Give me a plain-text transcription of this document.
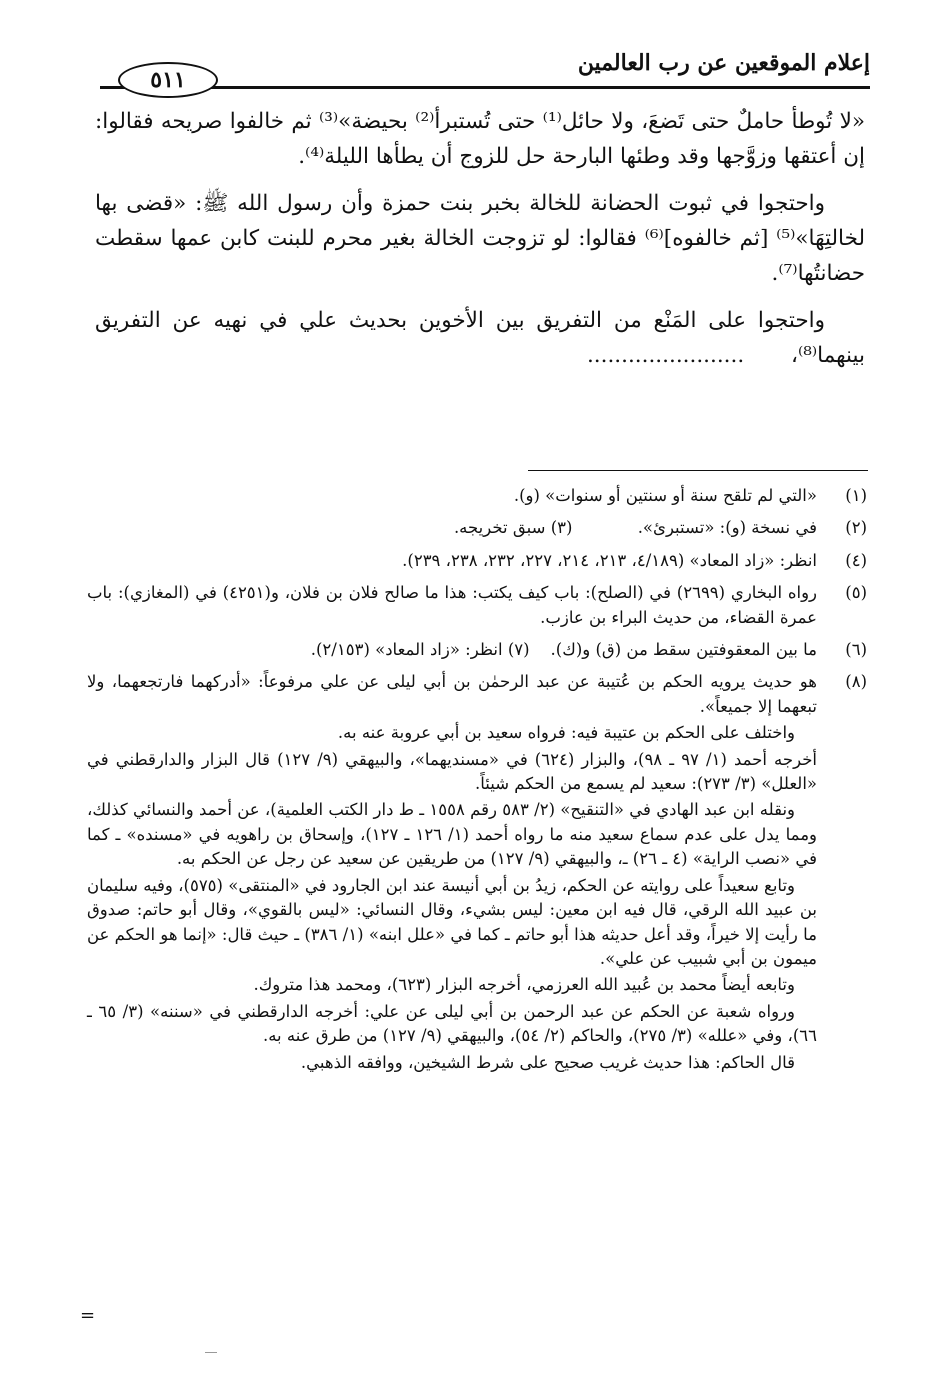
إعلام الموقعين عن رب العالمين
٥١١

«لا تُوطأ حاملٌ حتى تَضعَ، ولا حائل⁽¹⁾ حتى تُستبرأ⁽²⁾ بحيضة»⁽³⁾ ثم خالفوا صريحه فقالوا: إن أعتقها وزوَّجها وقد وطئها البارحة حل للزوج أن يطأها الليلة⁽⁴⁾.

واحتجوا في ثبوت الحضانة للخالة بخبر بنت حمزة وأن رسول الله ﷺ: «قضى بها لخالتِهَا»⁽⁵⁾ [ثم خالفوه]⁽⁶⁾ فقالوا: لو تزوجت الخالة بغير محرم للبنت كابن عمها سقطت حضانتُها⁽⁷⁾.

واحتجوا على المَنْع من التفريق بين الأخوين بحديث علي في نهيه عن التفريق بينهما⁽⁸⁾، .......................

(١)

«التي لم تلقح سنة أو سنتين أو سنوات» (و).

(٢)

في نسخة (و): «تستبرئ». (٣) سبق تخريجه.

(٤)

انظر: «زاد المعاد» (٤/١٨٩، ٢١٣، ٢١٤، ٢٢٧، ٢٣٢، ٢٣٨، ٢٣٩).

(٥)

رواه البخاري (٢٦٩٩) في (الصلح): باب كيف يكتب: هذا ما صالح فلان بن فلان، و(٤٢٥١) في (المغازي): باب عمرة القضاء، من حديث البراء بن عازب.

(٦)

ما بين المعقوفتين سقط من (ق) و(ك).    (٧) انظر: «زاد المعاد» (٢/١٥٣).

(٨)

هو حديث يرويه الحكم بن عُتيبة عن عبد الرحمٰن بن أبي ليلى عن علي مرفوعاً: «أدركهما فارتجعهما، ولا تبعهما إلا جميعاً».

واختلف على الحكم بن عتيبة فيه: فرواه سعيد بن أبي عروبة عنه به.

أخرجه أحمد (١/ ٩٧ ـ ٩٨)، والبزار (٦٢٤) في «مسنديهما»، والبيهقي (٩/ ١٢٧) قال البزار والدارقطني في «العلل» (٣/ ٢٧٣): سعيد لم يسمع من الحكم شيئاً.

ونقله ابن عبد الهادي في «التنقيح» (٢/ ٥٨٣ رقم ١٥٥٨ ـ ط دار الكتب العلمية)، عن أحمد والنسائي كذلك، ومما يدل على عدم سماع سعيد منه ما رواه أحمد (١/ ١٢٦ ـ ١٢٧)، وإسحاق بن راهويه في «مسنده» ـ كما في «نصب الراية» (٤ ـ ٢٦) ـ، والبيهقي (٩/ ١٢٧) من طريقين عن سعيد عن رجل عن الحكم به.

وتابع سعيداً على روايته عن الحكم، زيدُ بن أبي أنيسة عند ابن الجارود في «المنتقى» (٥٧٥)، وفيه سليمان بن عبيد الله الرقي، قال فيه ابن معين: ليس بشيء، وقال النسائي: «ليس بالقوي»، وقال أبو حاتم: صدوق ما رأيت إلا خيراً، وقد أعل حديثه هذا أبو حاتم ـ كما في «علل ابنه» (١/ ٣٨٦) ـ حيث قال: «إنما هو الحكم عن ميمون بن أبي شبيب عن علي».

وتابعه أيضاً محمد بن عُبيد الله العرزمي، أخرجه البزار (٦٢٣)، ومحمد هذا متروك.

ورواه شعبة عن الحكم عن عبد الرحمن بن أبي ليلى عن علي: أخرجه الدارقطني في «سننه» (٣/ ٦٥ ـ ٦٦)، وفي «علله» (٣/ ٢٧٥)، والحاكم (٢/ ٥٤)، والبيهقي (٩/ ١٢٧) من طرق عنه به.

قال الحاكم: هذا حديث غريب صحيح على شرط الشيخين، ووافقه الذهبي.

=
